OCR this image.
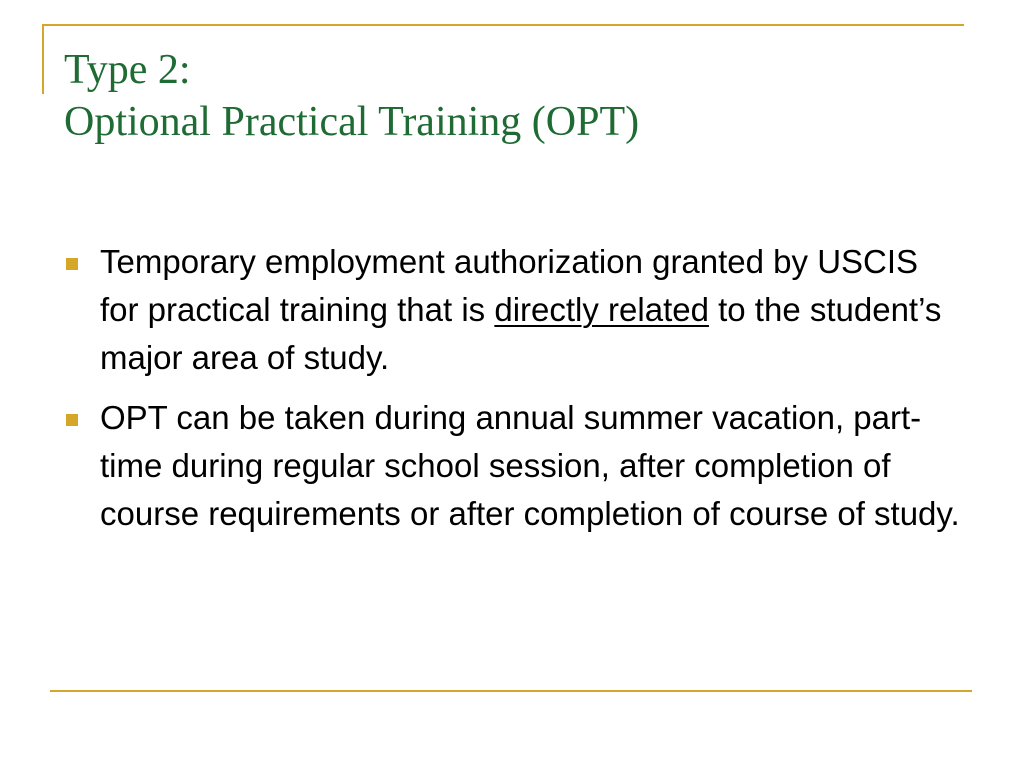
Type 2:
Optional Practical Training (OPT)
Temporary employment authorization granted by USCIS for practical training that is directly related to the student’s major area of study.
OPT can be taken during annual summer vacation, part-time during regular school session, after completion of course requirements or after completion of course of study.
